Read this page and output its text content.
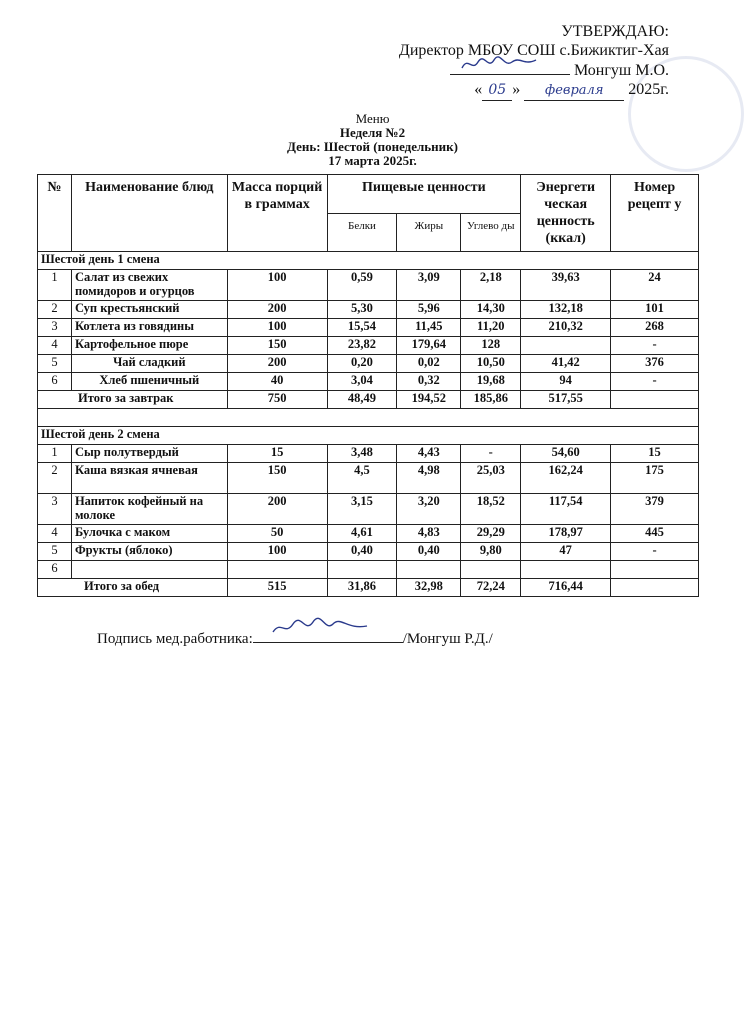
УТВЕРЖДАЮ:
Директор МБОУ СОШ с.Бижиктиг-Хая
Монгуш М.О.
« 05 » февраля 2025г.
Меню
Неделя №2
День: Шестой (понедельник)
17 марта 2025г.
№	Наименование блюд	Масса порций в граммах	Пищевые ценности			Энергети ческая ценность (ккал)	Номер рецепт у
			Белки	Жиры	Углево ды		
Шестой день 1 смена							
1	Салат из свежих помидоров и огурцов	100	0,59	3,09	2,18	39,63	24
2	Суп крестьянский	200	5,30	5,96	14,30	132,18	101
3	Котлета из говядины	100	15,54	11,45	11,20	210,32	268
4	Картофельное пюре	150	23,82	179,64	128		-
5	Чай сладкий	200	0,20	0,02	10,50	41,42	376
6	Хлеб пшеничный	40	3,04	0,32	19,68	94	-
Итого за завтрак		750	48,49	194,52	185,86	517,55	

Шестой день 2 смена							
1	Сыр полутвердый	15	3,48	4,43	-	54,60	15
2	Каша вязкая ячневая	150	4,5	4,98	25,03	162,24	175
3	Напиток кофейный на молоке	200	3,15	3,20	18,52	117,54	379
4	Булочка с маком	50	4,61	4,83	29,29	178,97	445
5	Фрукты (яблоко)	100	0,40	0,40	9,80	47	-
6							
Итого за обед		515	31,86	32,98	72,24	716,44	
Подпись мед.работника:	/Монгуш Р.Д./
